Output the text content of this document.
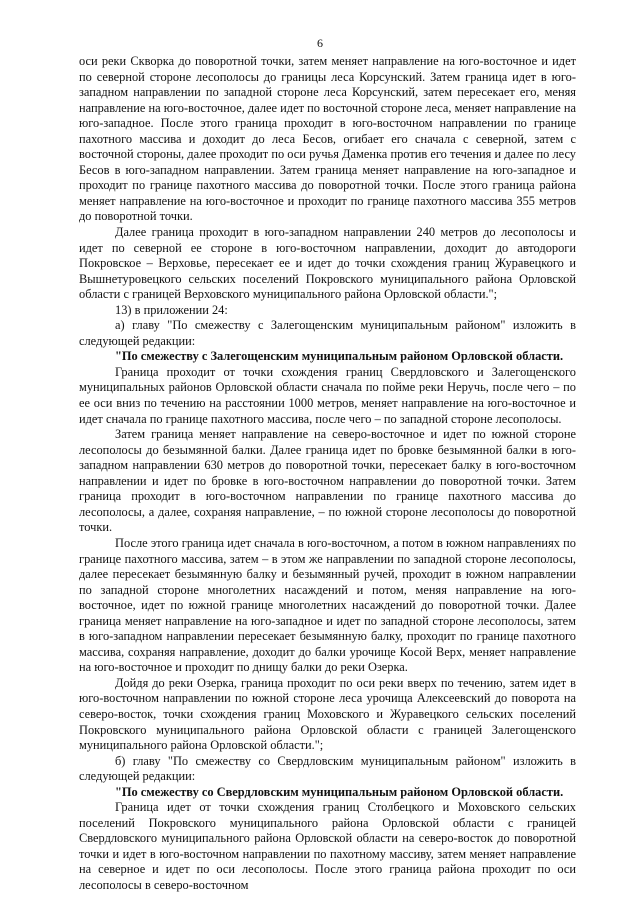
6

оси реки Скворка до поворотной точки, затем меняет направление на юго-восточное и идет по северной стороне лесополосы до границы леса Корсунский. Затем граница идет в юго-западном направлении по западной стороне леса Корсунский, затем пересекает его, меняя направление на юго-восточное, далее идет по восточной стороне леса, меняет направление на юго-западное. После этого граница проходит в юго-восточном направлении по границе пахотного массива и доходит до леса Бесов, огибает его сначала с северной, затем с восточной стороны, далее проходит по оси ручья Даменка против его течения и далее по лесу Бесов в юго-западном направлении. Затем граница меняет направление на юго-западное и проходит по границе пахотного массива до поворотной точки. После этого граница района меняет направление на юго-восточное и проходит по границе пахотного массива 355 метров до поворотной точки.

Далее граница проходит в юго-западном направлении 240 метров до лесополосы и идет по северной ее стороне в юго-восточном направлении, доходит до автодороги Покровское – Верховье, пересекает ее и идет до точки схождения границ Журавецкого и Вышнетуровецкого сельских поселений Покровского муниципального района Орловской области с границей Верховского муниципального района Орловской области.";

13) в приложении 24:

а) главу "По смежеству с Залегощенским муниципальным районом" изложить в следующей редакции:

"По смежеству с Залегощенским муниципальным районом Орловской области.

Граница проходит от точки схождения границ Свердловского и Залегощенского муниципальных районов Орловской области сначала по пойме реки Неручь, после чего – по ее оси вниз по течению на расстоянии 1000 метров, меняет направление на юго-восточное и идет сначала по границе пахотного массива, после чего – по западной стороне лесополосы.

Затем граница меняет направление на северо-восточное и идет по южной стороне лесополосы до безымянной балки. Далее граница идет по бровке безымянной балки в юго-западном направлении 630 метров до поворотной точки, пересекает балку в юго-восточном направлении и идет по бровке в юго-восточном направлении до поворотной точки. Затем граница проходит в юго-восточном направлении по границе пахотного массива до лесополосы, а далее, сохраняя направление, – по южной стороне лесополосы до поворотной точки.

После этого граница идет сначала в юго-восточном, а потом в южном направлениях по границе пахотного массива, затем – в этом же направлении по западной стороне лесополосы, далее пересекает безымянную балку и безымянный ручей, проходит в южном направлении по западной стороне многолетних насаждений и потом, меняя направление на юго-восточное, идет по южной границе многолетних насаждений до поворотной точки. Далее граница меняет направление на юго-западное и идет по западной стороне лесополосы, затем в юго-западном направлении пересекает безымянную балку, проходит по границе пахотного массива, сохраняя направление, доходит до балки урочище Косой Верх, меняет направление на юго-восточное и проходит по днищу балки до реки Озерка.

Дойдя до реки Озерка, граница проходит по оси реки вверх по течению, затем идет в юго-восточном направлении по южной стороне леса урочища Алексеевский до поворота на северо-восток, точки схождения границ Моховского и Журавецкого сельских поселений Покровского муниципального района Орловской области с границей Залегощенского муниципального района Орловской области.";

б) главу "По смежеству со Свердловским муниципальным районом" изложить в следующей редакции:

"По смежеству со Свердловским муниципальным районом Орловской области.

Граница идет от точки схождения границ Столбецкого и Моховского сельских поселений Покровского муниципального района Орловской области с границей Свердловского муниципального района Орловской области на северо-восток до поворотной точки и идет в юго-восточном направлении по пахотному массиву, затем меняет направление на северное и идет по оси лесополосы. После этого граница района проходит по оси лесополосы в северо-восточном
